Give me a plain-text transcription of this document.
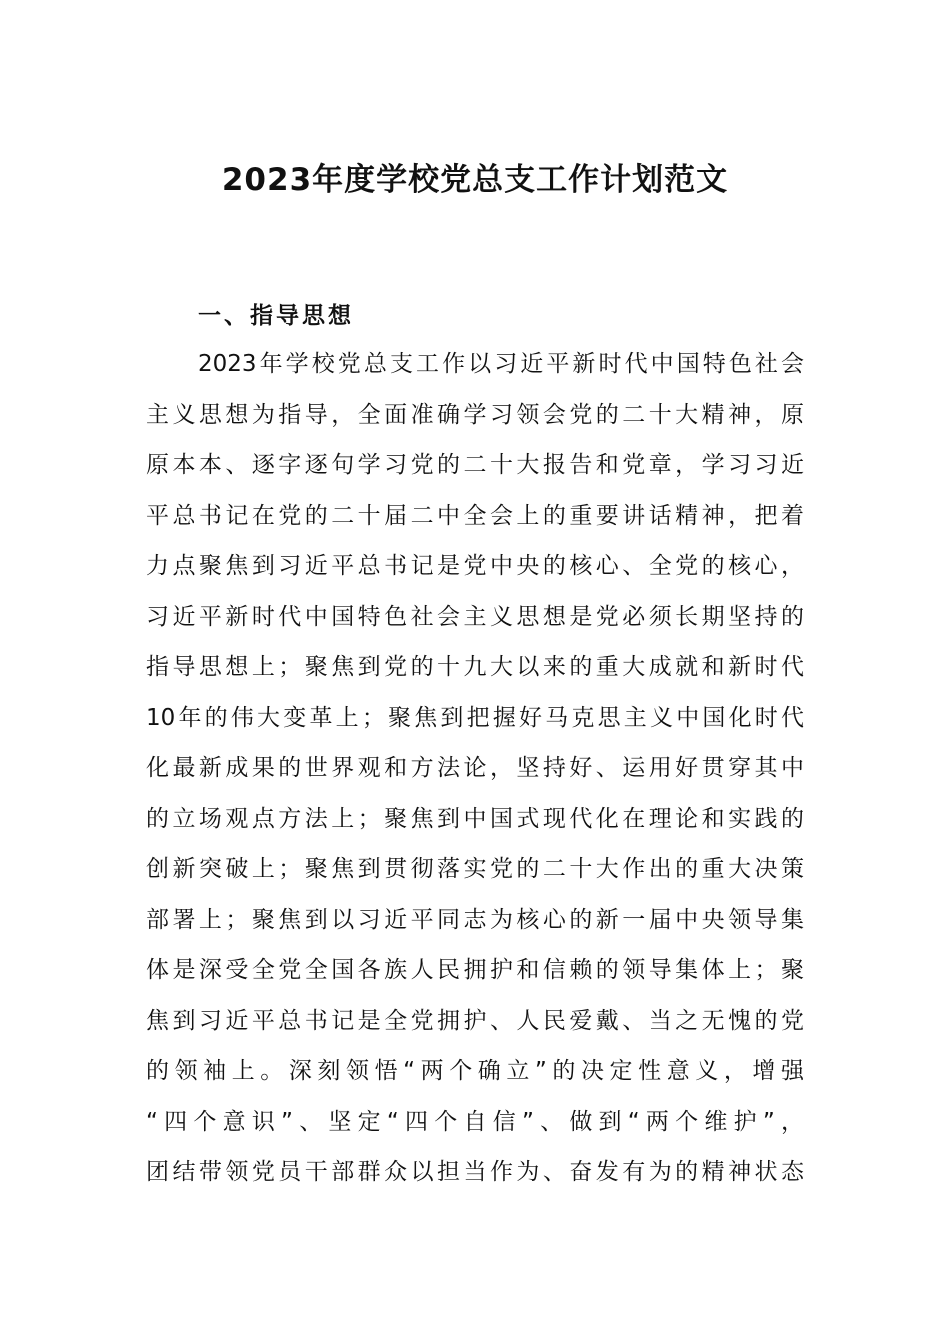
2023年度学校党总支工作计划范文
一、指导思想
2023年学校党总支工作以习近平新时代中国特色社会
主义思想为指导，全面准确学习领会党的二十大精神，原
原本本、逐字逐句学习党的二十大报告和党章，学习习近
平总书记在党的二十届二中全会上的重要讲话精神，把着
力点聚焦到习近平总书记是党中央的核心、全党的核心，
习近平新时代中国特色社会主义思想是党必须长期坚持的
指导思想上；聚焦到党的十九大以来的重大成就和新时代
10年的伟大变革上；聚焦到把握好马克思主义中国化时代
化最新成果的世界观和方法论，坚持好、运用好贯穿其中
的立场观点方法上；聚焦到中国式现代化在理论和实践的
创新突破上；聚焦到贯彻落实党的二十大作出的重大决策
部署上；聚焦到以习近平同志为核心的新一届中央领导集
体是深受全党全国各族人民拥护和信赖的领导集体上；聚
焦到习近平总书记是全党拥护、人民爱戴、当之无愧的党
的领袖上。深刻领悟“两个确立”的决定性意义，增强
“四个意识”、坚定“四个自信”、做到“两个维护”，
团结带领党员干部群众以担当作为、奋发有为的精神状态
